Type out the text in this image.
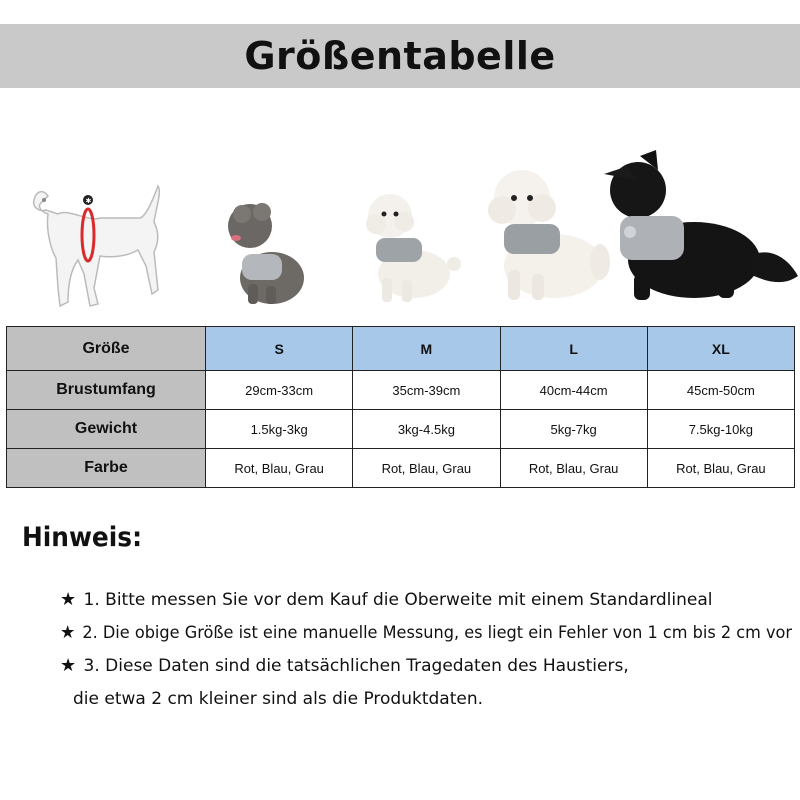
Größentabelle
✱
Größe	S	M	L	XL
Brustumfang	29cm-33cm	35cm-39cm	40cm-44cm	45cm-50cm
Gewicht	1.5kg-3kg	3kg-4.5kg	5kg-7kg	7.5kg-10kg
Farbe	Rot, Blau, Grau	Rot, Blau, Grau	Rot, Blau, Grau	Rot, Blau, Grau
Hinweis:
★ 1. Bitte messen Sie vor dem Kauf die Oberweite mit einem Standardlineal
★ 2. Die obige Größe ist eine manuelle Messung, es liegt ein Fehler von 1 cm bis 2 cm vor
★ 3. Diese Daten sind die tatsächlichen Tragedaten des Haustiers,
die etwa 2 cm kleiner sind als die Produktdaten.
